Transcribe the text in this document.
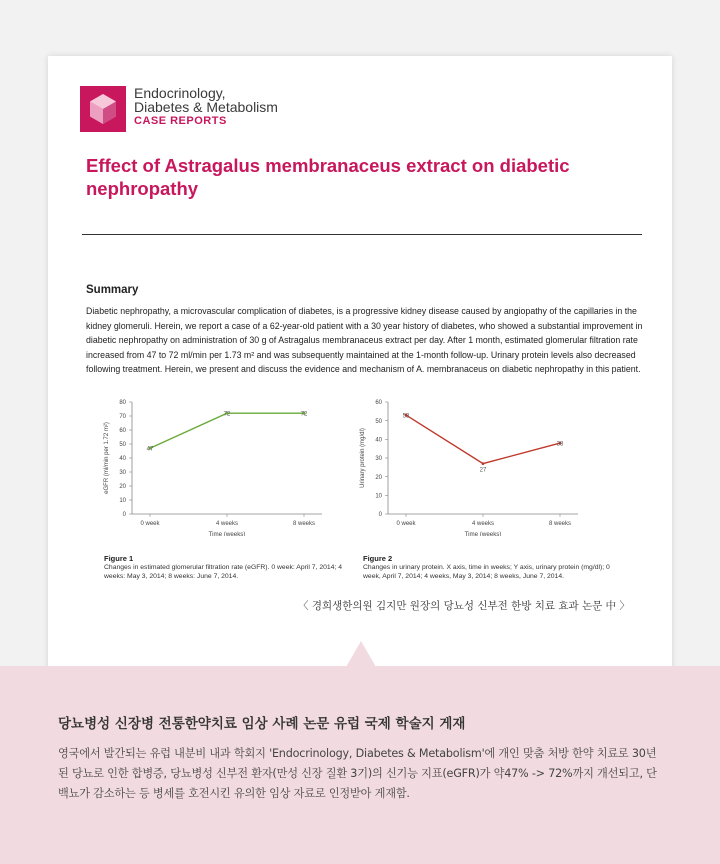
Endocrinology,
Diabetes & Metabolism
CASE REPORTS
Effect of Astragalus membranaceus extract on diabetic nephropathy
Summary

Diabetic nephropathy, a microvascular complication of diabetes, is a progressive kidney disease caused by angiopathy of the capillaries in the kidney glomeruli. Herein, we report a case of a 62-year-old patient with a 30 year history of diabetes, who showed a substantial improvement in diabetic nephropathy on administration of 30 g of Astragalus membranaceus extract per day. After 1 month, estimated glomerular filtration rate increased from 47 to 72 ml/min per 1.73 m² and was subsequently maintained at the 1-month follow-up. Urinary protein levels also decreased following treatment. Herein, we present and discuss the evidence and mechanism of A. membranaceus on diabetic nephropathy in this patient.

0
10
20
30
40
50
60
70
80
0 week	4 weeks	8 weeks
Time (weeks)
eGFR (ml/min per 1.72 m²)	47
72	72
0
10
20
30
40
50
60
0 week	4 weeks	8 weeks
Time (weeks)
Urinary protein (mg/dl)
53
27
38
Figure 1
Changes in estimated glomerular filtration rate (eGFR). 0 week: April 7, 2014; 4 weeks: May 3, 2014; 8 weeks: June 7, 2014.
Figure 2
Changes in urinary protein. X axis, time in weeks; Y axis, urinary protein (mg/dl); 0 week, April 7, 2014; 4 weeks, May 3, 2014; 8 weeks, June 7, 2014.
〈 경희생한의원 김지만 원장의 당뇨성 신부전 한방 치료 효과 논문 中 〉
당뇨병성 신장병 전통한약치료 임상 사례 논문 유럽 국제 학술지 게재

영국에서 발간되는 유럽 내분비 내과 학회지 'Endocrinology, Diabetes & Metabolism'에 개인 맞춤 처방 한약 치료로 30년 된 당뇨로 인한 합병증, 당뇨병성 신부전 환자(만성 신장 질환 3기)의 신기능 지표(eGFR)가 약47% -> 72%까지 개선되고, 단백뇨가 감소하는 등 병세를 호전시킨 유의한 임상 자료로 인정받아 게재함.
